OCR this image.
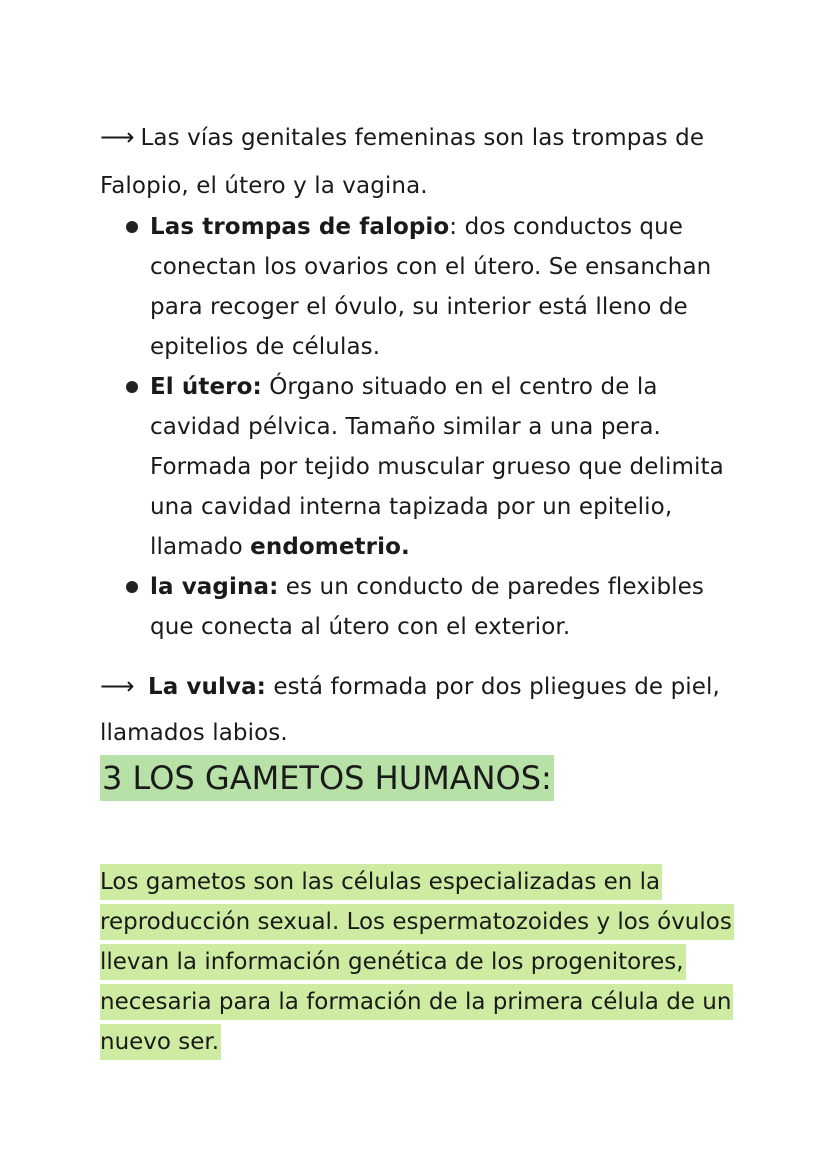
⟶ Las vías genitales femeninas son las trompas de
Falopio, el útero y la vagina.
Las trompas de falopio: dos conductos que
conectan los ovarios con el útero. Se ensanchan
para recoger el óvulo, su interior está lleno de
epitelios de células.
El útero: Órgano situado en el centro de la
cavidad pélvica. Tamaño similar a una pera.
Formada por tejido muscular grueso que delimita
una cavidad interna tapizada por un epitelio,
llamado endometrio.
la vagina: es un conducto de paredes flexibles
que conecta al útero con el exterior.
⟶ La vulva: está formada por dos pliegues de piel,
llamados labios.
3 LOS GAMETOS HUMANOS:
Los gametos son las células especializadas en la
reproducción sexual. Los espermatozoides y los óvulos
llevan la información genética de los progenitores,
necesaria para la formación de la primera célula de un
nuevo ser.
